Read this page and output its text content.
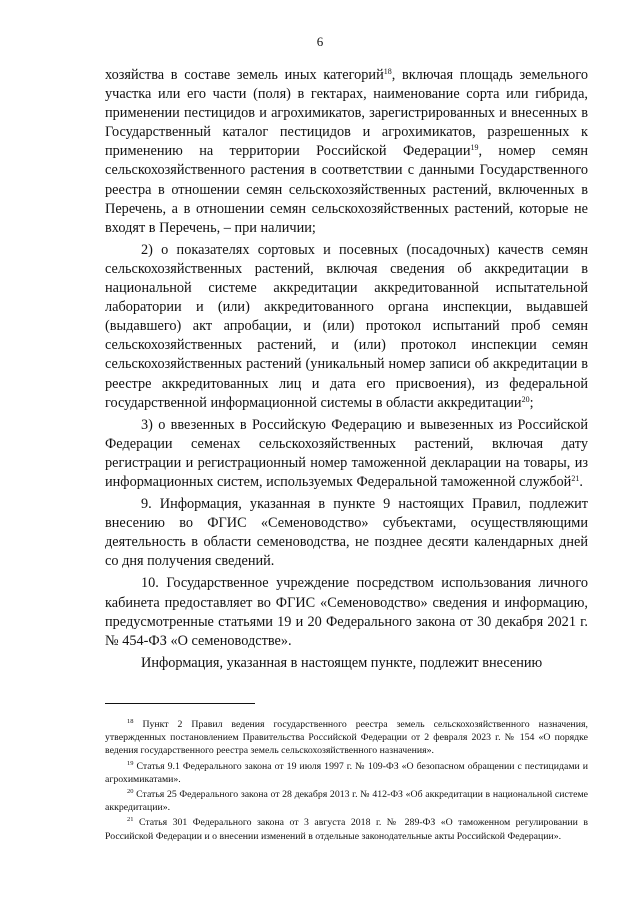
6

хозяйства в составе земель иных категорий$^{18}$, включая площадь земельного участка или его части (поля) в гектарах, наименование сорта или гибрида, применении пестицидов и агрохимикатов, зарегистрированных и внесенных в Государственный каталог пестицидов и агрохимикатов, разрешенных к применению на территории Российской Федерации$^{19}$, номер семян сельскохозяйственного растения в соответствии с данными Государственного реестра в отношении семян сельскохозяйственных растений, включенных в Перечень, а в отношении семян сельскохозяйственных растений, которые не входят в Перечень, – при наличии;

2) о показателях сортовых и посевных (посадочных) качеств семян сельскохозяйственных растений, включая сведения об аккредитации в национальной системе аккредитации аккредитованной испытательной лаборатории и (или) аккредитованного органа инспекции, выдавшей (выдавшего) акт апробации, и (или) протокол испытаний проб семян сельскохозяйственных растений, и (или) протокол инспекции семян сельскохозяйственных растений (уникальный номер записи об аккредитации в реестре аккредитованных лиц и дата его присвоения), из федеральной государственной информационной системы в области аккредитации$^{20}$;

3) о ввезенных в Российскую Федерацию и вывезенных из Российской Федерации семенах сельскохозяйственных растений, включая дату регистрации и регистрационный номер таможенной декларации на товары, из информационных систем, используемых Федеральной таможенной службой$^{21}$.

9. Информация, указанная в пункте 9 настоящих Правил, подлежит внесению во ФГИС «Семеноводство» субъектами, осуществляющими деятельность в области семеноводства, не позднее десяти календарных дней со дня получения сведений.

10. Государственное учреждение посредством использования личного кабинета предоставляет во ФГИС «Семеноводство» сведения и информацию, предусмотренные статьями 19 и 20 Федерального закона от 30 декабря 2021 г. № 454-ФЗ «О семеноводстве».

Информация, указанная в настоящем пункте, подлежит внесению

$^{18}$ Пункт 2 Правил ведения государственного реестра земель сельскохозяйственного назначения, утвержденных постановлением Правительства Российской Федерации от 2 февраля 2023 г. № 154 «О порядке ведения государственного реестра земель сельскохозяйственного назначения».

$^{19}$ Статья 9.1 Федерального закона от 19 июля 1997 г. № 109-ФЗ «О безопасном обращении с пестицидами и агрохимикатами».

$^{20}$ Статья 25 Федерального закона от 28 декабря 2013 г. № 412-ФЗ «Об аккредитации в национальной системе аккредитации».

$^{21}$ Статья 301 Федерального закона от 3 августа 2018 г. № 289-ФЗ «О таможенном регулировании в Российской Федерации и о внесении изменений в отдельные законодательные акты Российской Федерации».
